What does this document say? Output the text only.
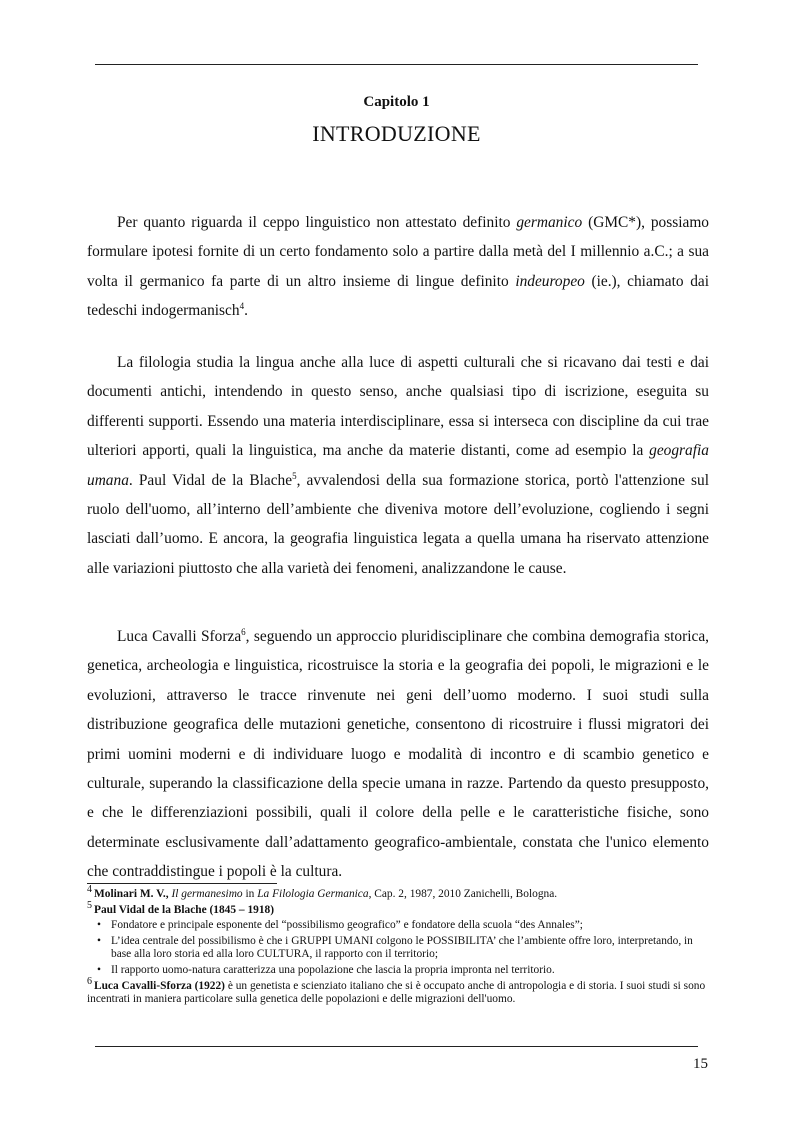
Capitolo 1
INTRODUZIONE

Per quanto riguarda il ceppo linguistico non attestato definito germanico (GMC*), possiamo formulare ipotesi fornite di un certo fondamento solo a partire dalla metà del I millennio a.C.; a sua volta il germanico fa parte di un altro insieme di lingue definito indeuropeo (ie.), chiamato dai tedeschi indogermanisch$^4$.

La filologia studia la lingua anche alla luce di aspetti culturali che si ricavano dai testi e dai documenti antichi, intendendo in questo senso, anche qualsiasi tipo di iscrizione, eseguita su differenti supporti. Essendo una materia interdisciplinare, essa si interseca con discipline da cui trae ulteriori apporti, quali la linguistica, ma anche da materie distanti, come ad esempio la geografia umana. Paul Vidal de la Blache$^5$, avvalendosi della sua formazione storica, portò l'attenzione sul ruolo dell'uomo, all’interno dell’ambiente che diveniva motore dell’evoluzione, cogliendo i segni lasciati dall’uomo. E ancora, la geografia linguistica legata a quella umana ha riservato attenzione alle variazioni piuttosto che alla varietà dei fenomeni, analizzandone le cause.

Luca Cavalli Sforza$^6$, seguendo un approccio pluridisciplinare che combina demografia storica, genetica, archeologia e linguistica, ricostruisce la storia e la geografia dei popoli, le migrazioni e le evoluzioni, attraverso le tracce rinvenute nei geni dell’uomo moderno. I suoi studi sulla distribuzione geografica delle mutazioni genetiche, consentono di ricostruire i flussi migratori dei primi uomini moderni e di individuare luogo e modalità di incontro e di scambio genetico e culturale, superando la classificazione della specie umana in razze. Partendo da questo presupposto, e che le differenziazioni possibili, quali il colore della pelle e le caratteristiche fisiche, sono determinate esclusivamente dall’adattamento geografico-ambientale, constata che l'unico elemento che contraddistingue i popoli è la cultura.

4 Molinari M. V., Il germanesimo in La Filologia Germanica, Cap. 2, 1987, 2010 Zanichelli, Bologna.

5 Paul Vidal de la Blache (1845 – 1918)

• Fondatore e principale esponente del “possibilismo geografico” e fondatore della scuola “des Annales”;
• L’idea centrale del possibilismo è che i GRUPPI UMANI colgono le POSSIBILITA’ che l’ambiente offre loro, interpretando, in base alla loro storia ed alla loro CULTURA, il rapporto con il territorio;
• Il rapporto uomo-natura caratterizza una popolazione che lascia la propria impronta nel territorio.

6 Luca Cavalli-Sforza (1922) è un genetista e scienziato italiano che si è occupato anche di antropologia e di storia. I suoi studi si sono incentrati in maniera particolare sulla genetica delle popolazioni e delle migrazioni dell'uomo.

15
